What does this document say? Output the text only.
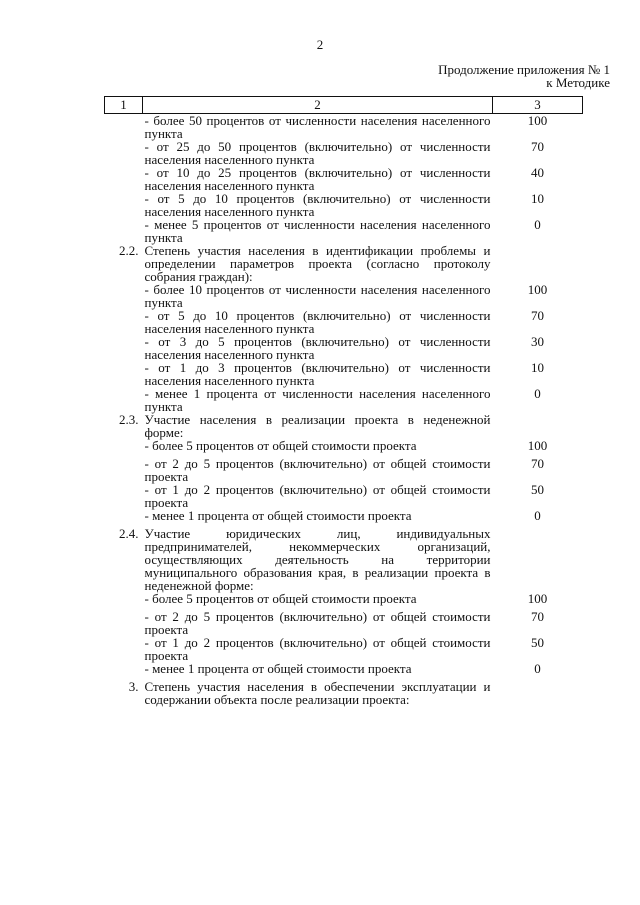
2
Продолжение приложения № 1
к Методике
1	2	3
	- более 50 процентов от численности населения населенного пункта	100
	- от 25 до 50 процентов (включительно) от численности населения населенного пункта	70
	- от 10 до 25 процентов (включительно) от численности населения населенного пункта	40
	- от 5 до 10 процентов (включительно) от численности населения населенного пункта	10
	- менее 5 процентов от численности населения населенного пункта	0
2.2.	Степень участия населения в идентификации проблемы и определении параметров проекта (согласно протоколу собрания граждан):	
	- более 10 процентов от численности населения населенного пункта	100
	- от 5 до 10 процентов (включительно) от численности населения населенного пункта	70
	- от 3 до 5 процентов (включительно) от численности населения населенного пункта	30
	- от 1 до 3 процентов (включительно) от численности населения населенного пункта	10
	- менее 1 процента от численности населения населенного пункта	0
2.3.	Участие населения в реализации проекта в неденежной форме:	
	- более 5 процентов от общей стоимости проекта	100
	- от 2 до 5 процентов (включительно) от общей стоимости проекта	70
	- от 1 до 2 процентов (включительно) от общей стоимости проекта	50
	- менее 1 процента от общей стоимости проекта	0
2.4.	Участие юридических лиц, индивидуальных предпринимателей, некоммерческих организаций, осуществляющих деятельность на территории муниципального образования края, в реализации проекта в неденежной форме:	
	- более 5 процентов от общей стоимости проекта	100
	- от 2 до 5 процентов (включительно) от общей стоимости проекта	70
	- от 1 до 2 процентов (включительно) от общей стоимости проекта	50
	- менее 1 процента от общей стоимости проекта	0
3.	Степень участия населения в обеспечении эксплуатации и содержании объекта после реализации проекта:	
